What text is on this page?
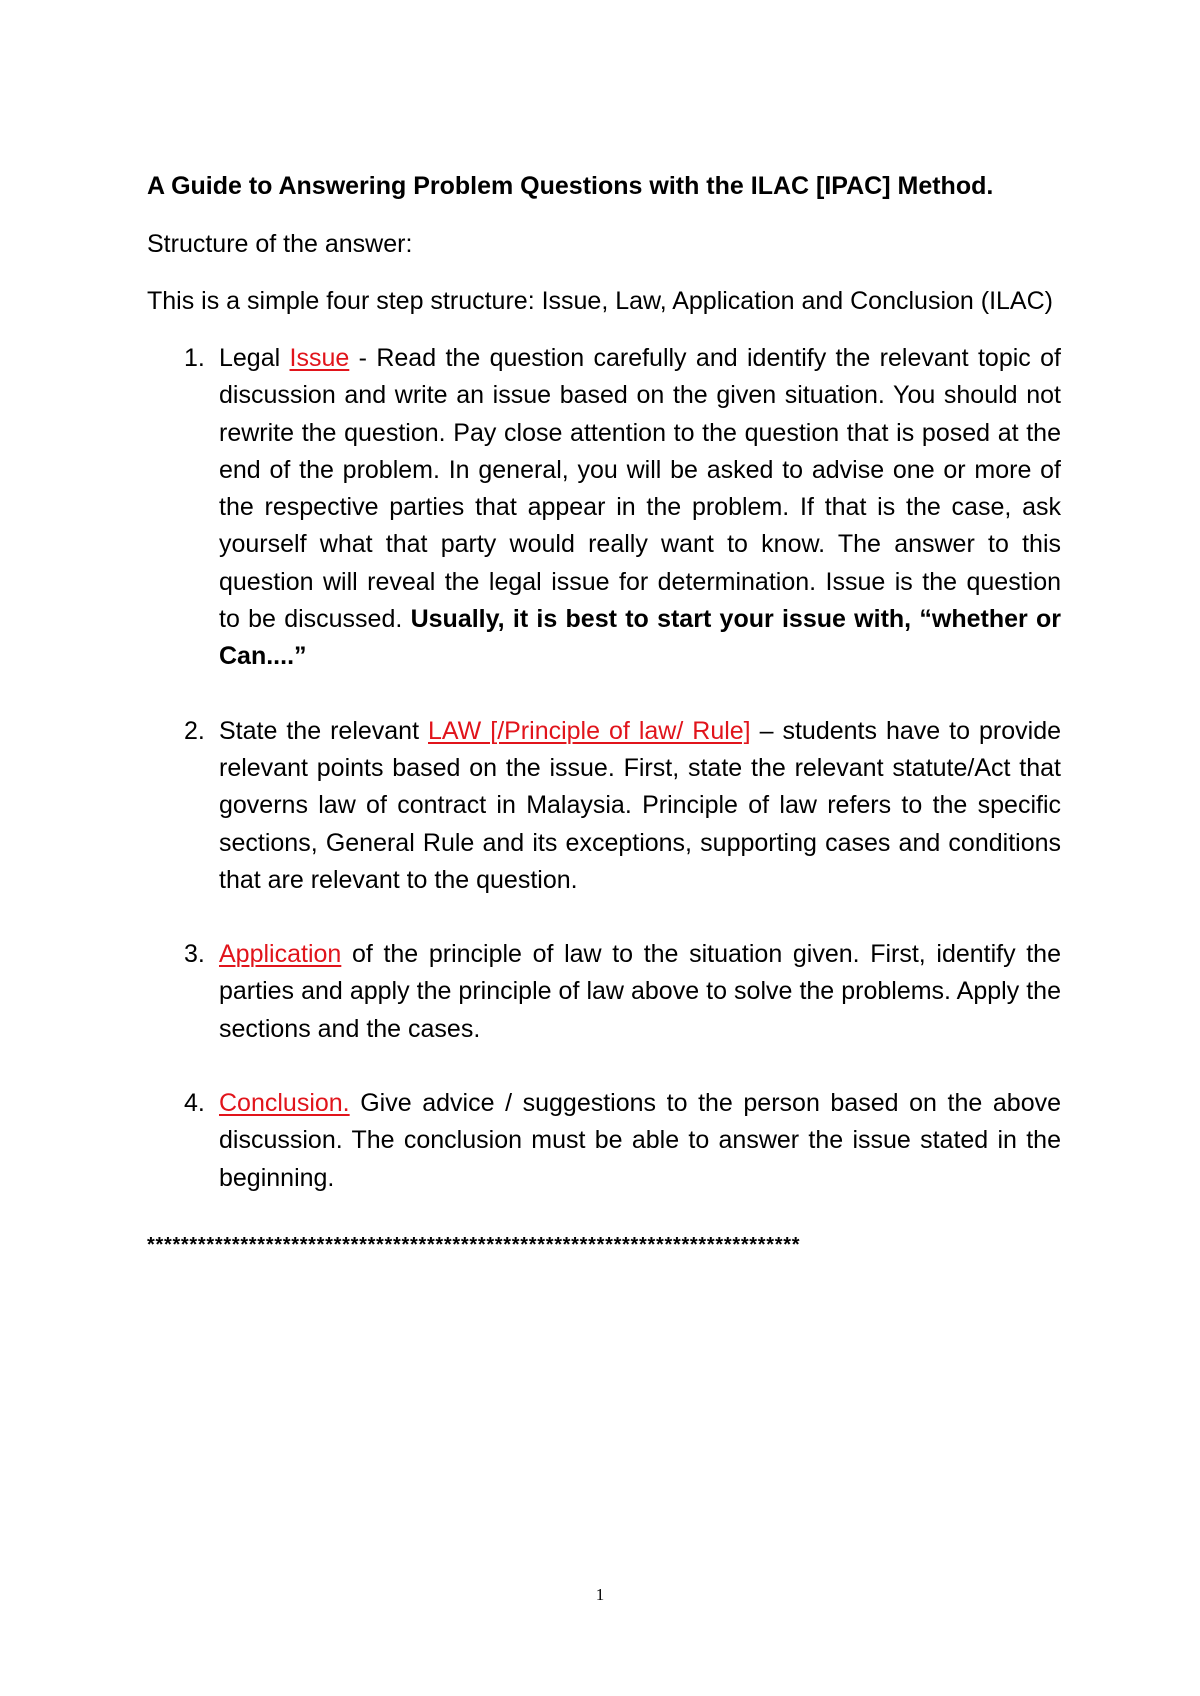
A Guide to Answering Problem Questions with the ILAC [IPAC] Method.
Structure of the answer:
This is a simple four step structure: Issue, Law, Application and Conclusion (ILAC)
1. Legal Issue - Read the question carefully and identify the relevant topic of discussion and write an issue based on the given situation. You should not rewrite the question. Pay close attention to the question that is posed at the end of the problem. In general, you will be asked to advise one or more of the respective parties that appear in the problem. If that is the case, ask yourself what that party would really want to know. The answer to this question will reveal the legal issue for determination. Issue is the question to be discussed. Usually, it is best to start your issue with, “whether or Can....”
2. State the relevant LAW [/Principle of law/ Rule] – students have to provide relevant points based on the issue. First, state the relevant statute/Act that governs law of contract in Malaysia. Principle of law refers to the specific sections, General Rule and its exceptions, supporting cases and conditions that are relevant to the question.
3. Application of the principle of law to the situation given. First, identify the parties and apply the principle of law above to solve the problems. Apply the sections and the cases.
4. Conclusion. Give advice / suggestions to the person based on the above discussion. The conclusion must be able to answer the issue stated in the beginning.
*****************************************************************************
1
